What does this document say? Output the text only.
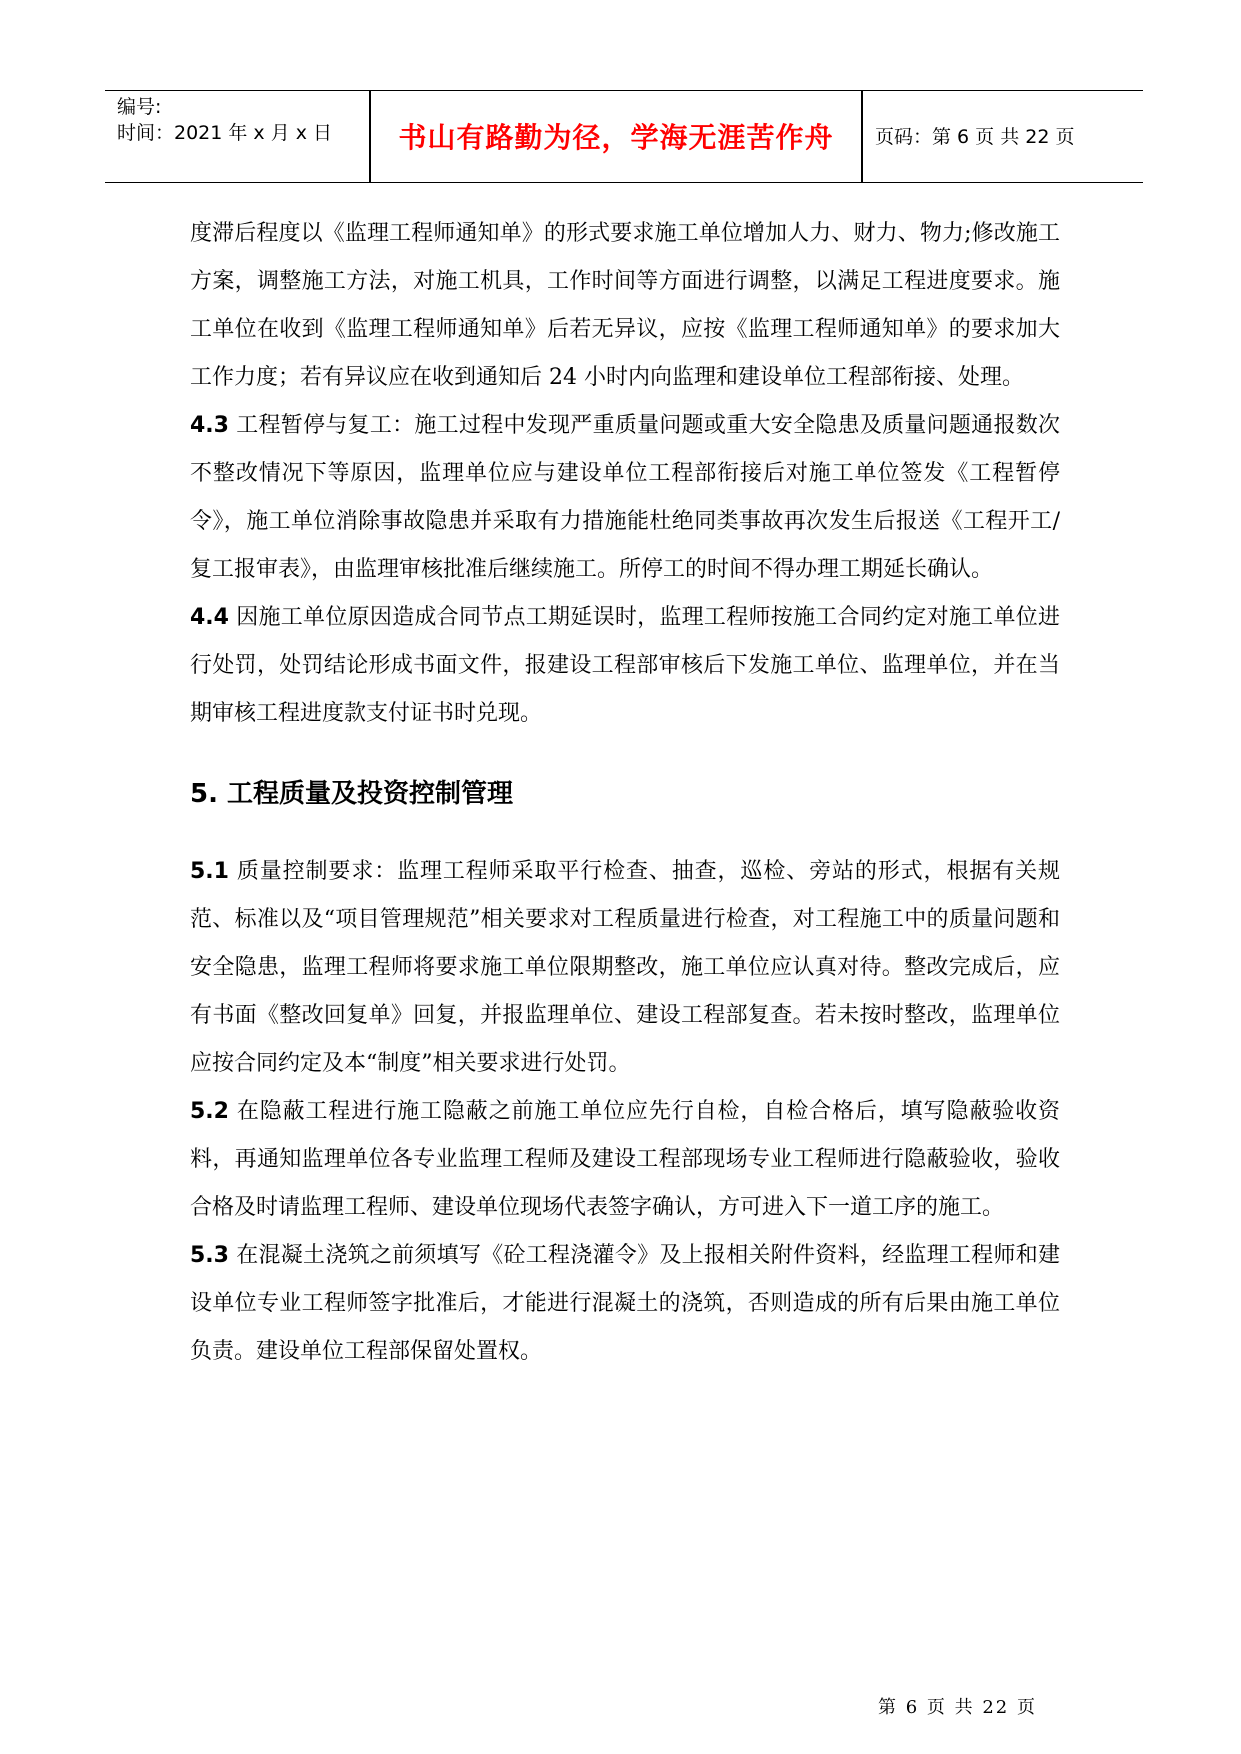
编号:
时间：2021 年 x 月 x 日	书山有路勤为径，学海无涯苦作舟	页码：第 6 页 共 22 页

度滞后程度以《监理工程师通知单》的形式要求施工单位增加人力、财力、物力;修改施工方案，调整施工方法，对施工机具，工作时间等方面进行调整，以满足工程进度要求。施工单位在收到《监理工程师通知单》后若无异议，应按《监理工程师通知单》的要求加大工作力度；若有异议应在收到通知后 24 小时内向监理和建设单位工程部衔接、处理。

4.3 工程暂停与复工：施工过程中发现严重质量问题或重大安全隐患及质量问题通报数次不整改情况下等原因，监理单位应与建设单位工程部衔接后对施工单位签发《工程暂停令》，施工单位消除事故隐患并采取有力措施能杜绝同类事故再次发生后报送《工程开工/复工报审表》，由监理审核批准后继续施工。所停工的时间不得办理工期延长确认。

4.4 因施工单位原因造成合同节点工期延误时，监理工程师按施工合同约定对施工单位进行处罚，处罚结论形成书面文件，报建设工程部审核后下发施工单位、监理单位，并在当期审核工程进度款支付证书时兑现。

5. 工程质量及投资控制管理

5.1 质量控制要求：监理工程师采取平行检查、抽查，巡检、旁站的形式，根据有关规范、标准以及“项目管理规范”相关要求对工程质量进行检查，对工程施工中的质量问题和安全隐患，监理工程师将要求施工单位限期整改，施工单位应认真对待。整改完成后，应有书面《整改回复单》回复，并报监理单位、建设工程部复查。若未按时整改，监理单位应按合同约定及本“制度”相关要求进行处罚。

5.2 在隐蔽工程进行施工隐蔽之前施工单位应先行自检，自检合格后，填写隐蔽验收资料，再通知监理单位各专业监理工程师及建设工程部现场专业工程师进行隐蔽验收，验收合格及时请监理工程师、建设单位现场代表签字确认，方可进入下一道工序的施工。

5.3 在混凝土浇筑之前须填写《砼工程浇灌令》及上报相关附件资料，经监理工程师和建设单位专业工程师签字批准后，才能进行混凝土的浇筑，否则造成的所有后果由施工单位负责。建设单位工程部保留处置权。

第 6 页 共 22 页
